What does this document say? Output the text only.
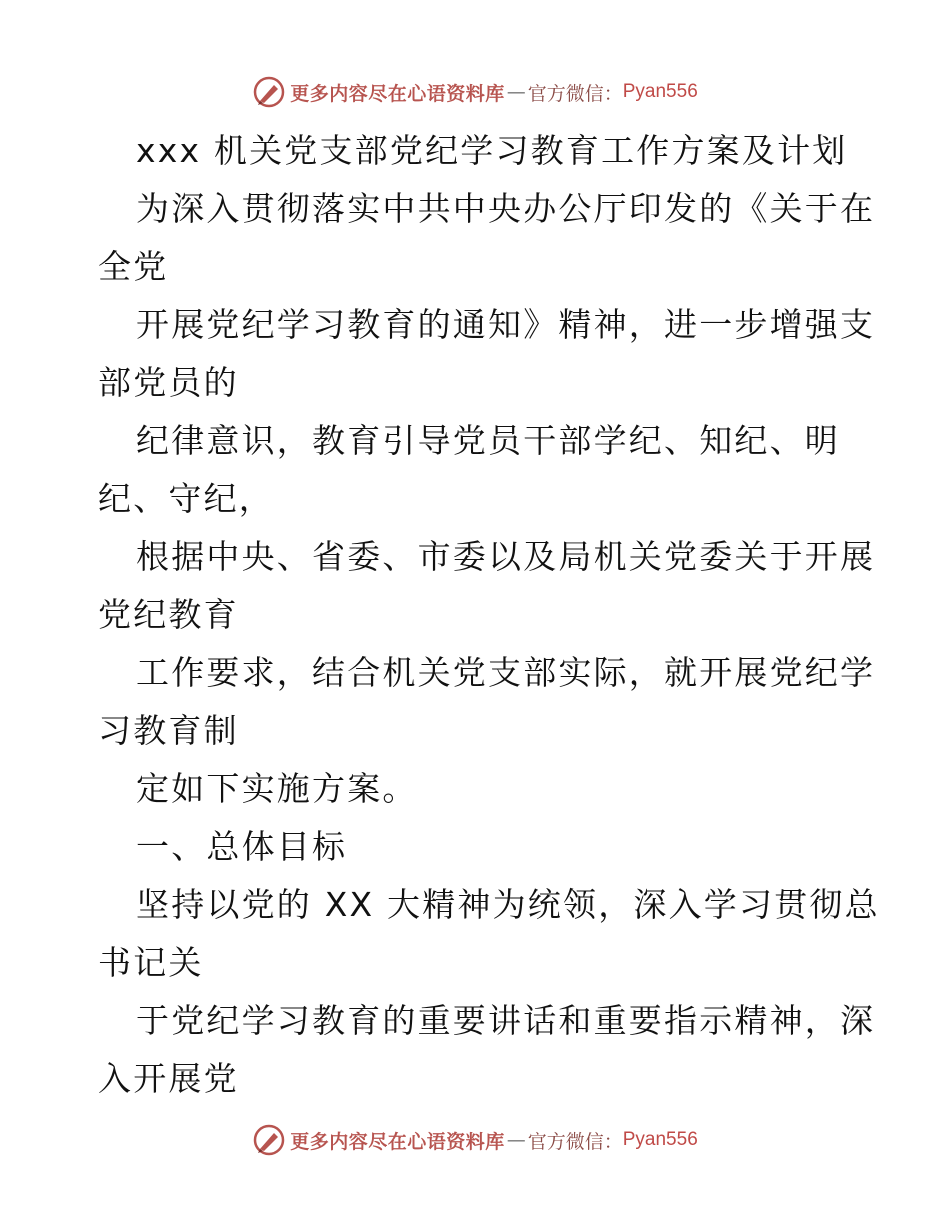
更多内容尽在心语资料库 — 官方微信： Pyan556
xxx 机关党支部党纪学习教育工作方案及计划
为深入贯彻落实中共中央办公厅印发的《关于在
全党
开展党纪学习教育的通知》精神，进一步增强支
部党员的
纪律意识，教育引导党员干部学纪、知纪、明
纪、守纪，
根据中央、省委、市委以及局机关党委关于开展
党纪教育
工作要求，结合机关党支部实际，就开展党纪学
习教育制
定如下实施方案。
一、总体目标
坚持以党的 XX 大精神为统领，深入学习贯彻总
书记关
于党纪学习教育的重要讲话和重要指示精神，深
入开展党
更多内容尽在心语资料库 — 官方微信： Pyan556
